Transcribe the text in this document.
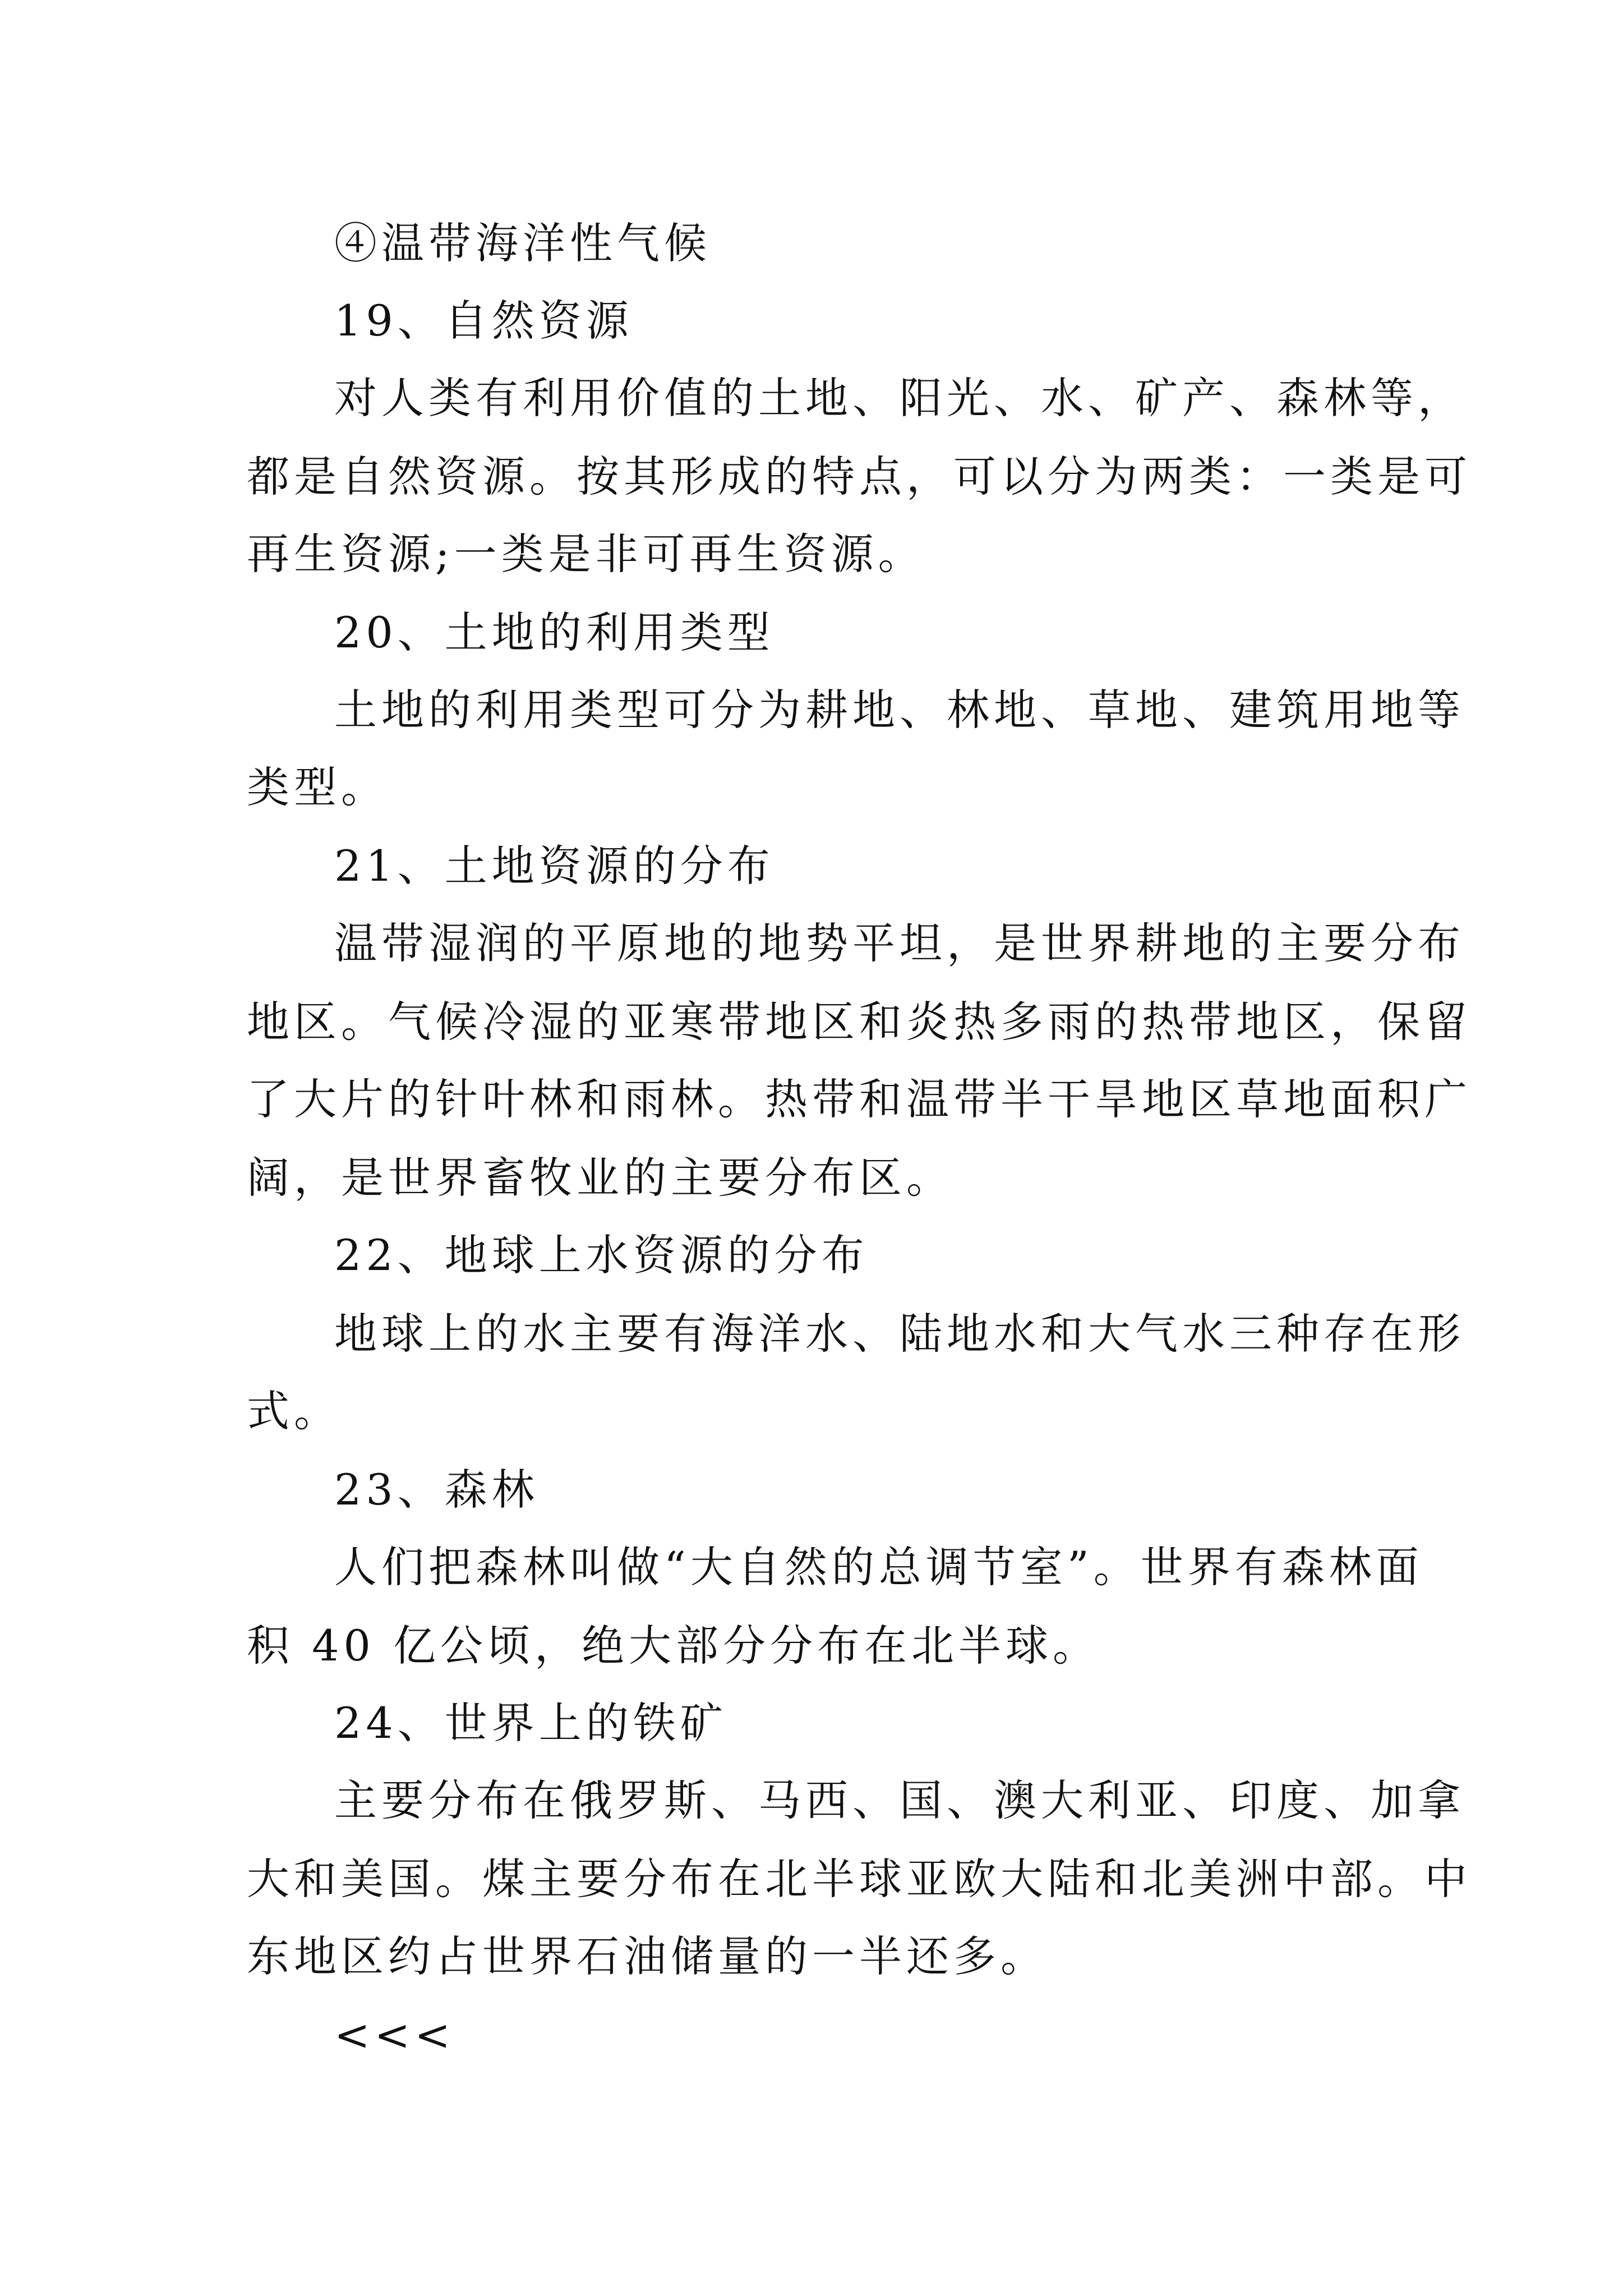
④温带海洋性气候
19、自然资源
对人类有利用价值的土地、阳光、水、矿产、森林等，
都是自然资源。按其形成的特点，可以分为两类：一类是可
再生资源;一类是非可再生资源。
20、土地的利用类型
土地的利用类型可分为耕地、林地、草地、建筑用地等
类型。
21、土地资源的分布
温带湿润的平原地的地势平坦，是世界耕地的主要分布
地区。气候冷湿的亚寒带地区和炎热多雨的热带地区，保留
了大片的针叶林和雨林。热带和温带半干旱地区草地面积广
阔，是世界畜牧业的主要分布区。
22、地球上水资源的分布
地球上的水主要有海洋水、陆地水和大气水三种存在形
式。
23、森林
人们把森林叫做“大自然的总调节室”。世界有森林面
积 40 亿公顷，绝大部分分布在北半球。
24、世界上的铁矿
主要分布在俄罗斯、马西、国、澳大利亚、印度、加拿
大和美国。煤主要分布在北半球亚欧大陆和北美洲中部。中
东地区约占世界石油储量的一半还多。
<<<
